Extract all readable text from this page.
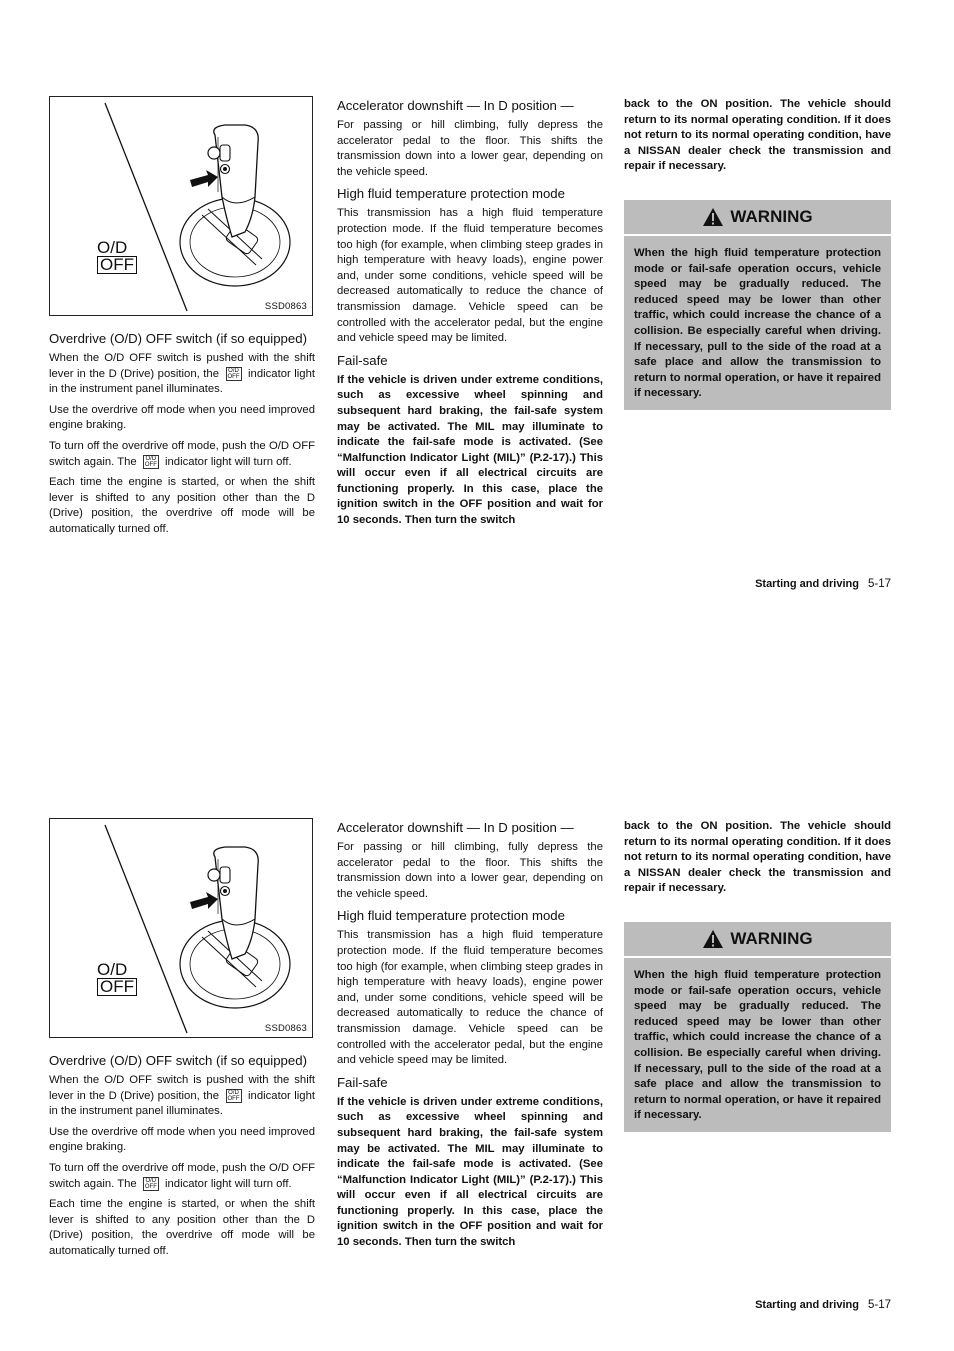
O/D
OFF
SSD0863

Overdrive (O/D) OFF switch (if so equipped)

When the O/D OFF switch is pushed with the shift lever in the D (Drive) position, the O/D
OFF indicator light in the instrument panel illuminates.

Use the overdrive off mode when you need improved engine braking.

To turn off the overdrive off mode, push the O/D OFF switch again. The O/D
OFF indicator light will turn off.

Each time the engine is started, or when the shift lever is shifted to any position other than the D (Drive) position, the overdrive off mode will be automatically turned off.

Accelerator downshift — In D position —

For passing or hill climbing, fully depress the accelerator pedal to the floor. This shifts the transmission down into a lower gear, depending on the vehicle speed.

High fluid temperature protection mode

This transmission has a high fluid temperature protection mode. If the fluid temperature becomes too high (for example, when climbing steep grades in high temperature with heavy loads), engine power and, under some conditions, vehicle speed will be decreased automatically to reduce the chance of transmission damage. Vehicle speed can be controlled with the accelerator pedal, but the engine and vehicle speed may be limited.

Fail-safe

If the vehicle is driven under extreme conditions, such as excessive wheel spinning and subsequent hard braking, the fail-safe system may be activated. The MIL may illuminate to indicate the fail-safe mode is activated. (See “Malfunction Indicator Light (MIL)” (P.2-17).) This will occur even if all electrical circuits are functioning properly. In this case, place the ignition switch in the OFF position and wait for 10 seconds. Then turn the switch

back to the ON position. The vehicle should return to its normal operating condition. If it does not return to its normal operating condition, have a NISSAN dealer check the transmission and repair if necessary.

WARNING
When the high fluid temperature protection mode or fail-safe operation occurs, vehicle speed may be gradually reduced. The reduced speed may be lower than other traffic, which could increase the chance of a collision. Be especially careful when driving. If necessary, pull to the side of the road at a safe place and allow the transmission to return to normal operation, or have it repaired if necessary.
Starting and driving 5-17
O/D
OFF
SSD0863

Overdrive (O/D) OFF switch (if so equipped)

When the O/D OFF switch is pushed with the shift lever in the D (Drive) position, the O/D
OFF indicator light in the instrument panel illuminates.

Use the overdrive off mode when you need improved engine braking.

To turn off the overdrive off mode, push the O/D OFF switch again. The O/D
OFF indicator light will turn off.

Each time the engine is started, or when the shift lever is shifted to any position other than the D (Drive) position, the overdrive off mode will be automatically turned off.

Accelerator downshift — In D position —

For passing or hill climbing, fully depress the accelerator pedal to the floor. This shifts the transmission down into a lower gear, depending on the vehicle speed.

High fluid temperature protection mode

This transmission has a high fluid temperature protection mode. If the fluid temperature becomes too high (for example, when climbing steep grades in high temperature with heavy loads), engine power and, under some conditions, vehicle speed will be decreased automatically to reduce the chance of transmission damage. Vehicle speed can be controlled with the accelerator pedal, but the engine and vehicle speed may be limited.

Fail-safe

If the vehicle is driven under extreme conditions, such as excessive wheel spinning and subsequent hard braking, the fail-safe system may be activated. The MIL may illuminate to indicate the fail-safe mode is activated. (See “Malfunction Indicator Light (MIL)” (P.2-17).) This will occur even if all electrical circuits are functioning properly. In this case, place the ignition switch in the OFF position and wait for 10 seconds. Then turn the switch

back to the ON position. The vehicle should return to its normal operating condition. If it does not return to its normal operating condition, have a NISSAN dealer check the transmission and repair if necessary.

WARNING
When the high fluid temperature protection mode or fail-safe operation occurs, vehicle speed may be gradually reduced. The reduced speed may be lower than other traffic, which could increase the chance of a collision. Be especially careful when driving. If necessary, pull to the side of the road at a safe place and allow the transmission to return to normal operation, or have it repaired if necessary.
Starting and driving 5-17
